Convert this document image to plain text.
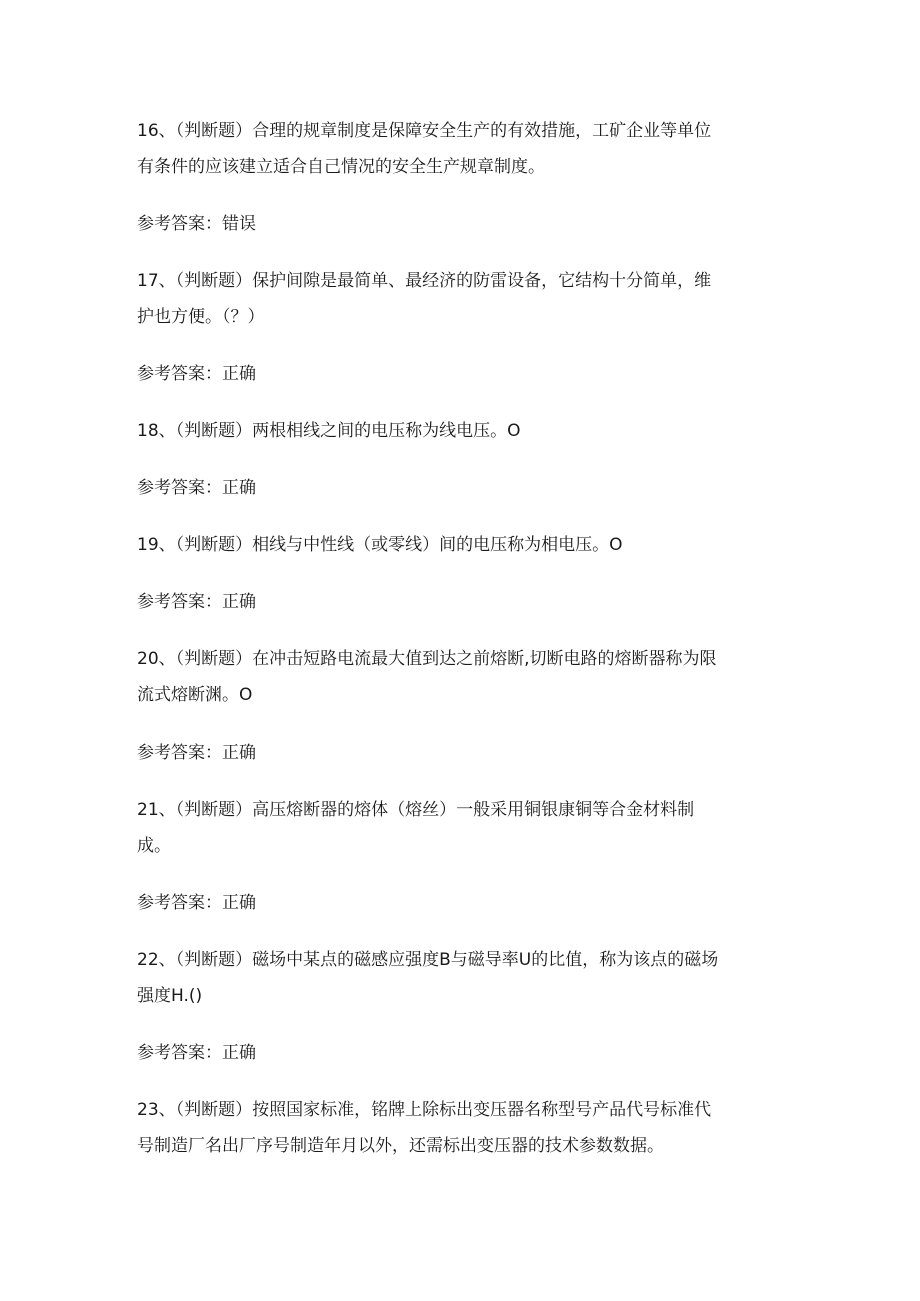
16、（判断题）合理的规章制度是保障安全生产的有效措施，工矿企业等单位
有条件的应该建立适合自己情况的安全生产规章制度。
参考答案：错误
17、（判断题）保护间隙是最简单、最经济的防雷设备，它结构十分简单，维
护也方便。（？）
参考答案：正确
18、（判断题）两根相线之间的电压称为线电压。O
参考答案：正确
19、（判断题）相线与中性线（或零线）间的电压称为相电压。O
参考答案：正确
20、（判断题）在冲击短路电流最大值到达之前熔断,切断电路的熔断器称为限
流式熔断渊。O
参考答案：正确
21、（判断题）高压熔断器的熔体（熔丝）一般采用铜银康铜等合金材料制
成。
参考答案：正确
22、（判断题）磁场中某点的磁感应强度B与磁导率U的比值，称为该点的磁场
强度H.()
参考答案：正确
23、（判断题）按照国家标准，铭牌上除标出变压器名称型号产品代号标准代
号制造厂名出厂序号制造年月以外，还需标出变压器的技术参数数据。
